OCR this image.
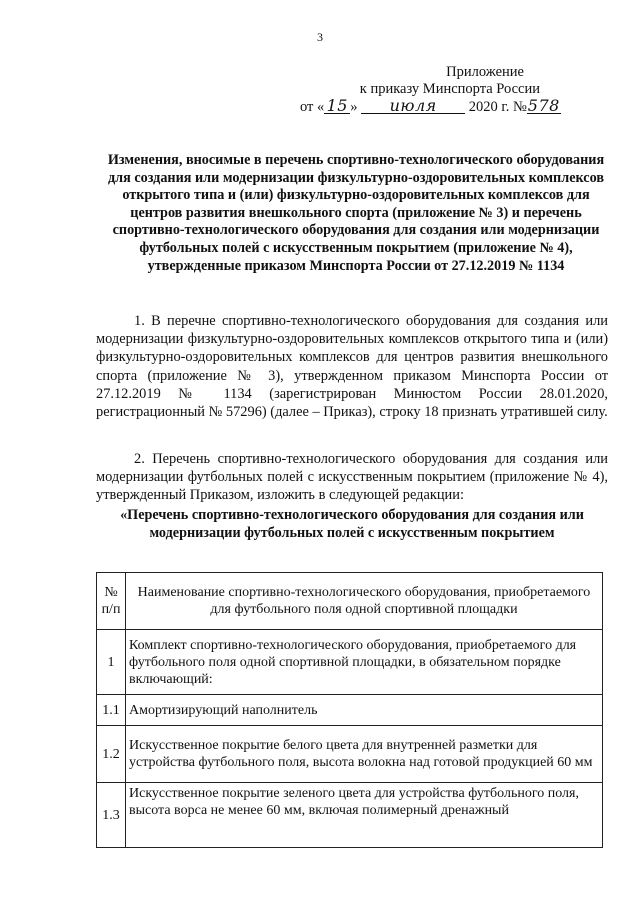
3
Приложение
к приказу Минспорта России
от « 15 » июля 2020 г. №578
Изменения, вносимые в перечень спортивно-технологического оборудования для создания или модернизации физкультурно-оздоровительных комплексов открытого типа и (или) физкультурно-оздоровительных комплексов для центров развития внешкольного спорта (приложение № 3) и перечень спортивно-технологического оборудования для создания или модернизации футбольных полей с искусственным покрытием (приложение № 4), утвержденные приказом Минспорта России от 27.12.2019 № 1134
1. В перечне спортивно-технологического оборудования для создания или модернизации физкультурно-оздоровительных комплексов открытого типа и (или) физкультурно-оздоровительных комплексов для центров развития внешкольного спорта (приложение № 3), утвержденном приказом Минспорта России от 27.12.2019 № 1134 (зарегистрирован Минюстом России 28.01.2020, регистрационный № 57296) (далее – Приказ), строку 18 признать утратившей силу.
2. Перечень спортивно-технологического оборудования для создания или модернизации футбольных полей с искусственным покрытием (приложение № 4), утвержденный Приказом, изложить в следующей редакции:
«Перечень спортивно-технологического оборудования для создания или модернизации футбольных полей с искусственным покрытием
№ п/п	Наименование спортивно-технологического оборудования, приобретаемого для футбольного поля одной спортивной площадки
1	Комплект спортивно-технологического оборудования, приобретаемого для футбольного поля одной спортивной площадки, в обязательном порядке включающий:
1.1	Амортизирующий наполнитель
1.2	Искусственное покрытие белого цвета для внутренней разметки для устройства футбольного поля, высота волокна над готовой продукцией 60 мм
1.3	Искусственное покрытие зеленого цвета для устройства футбольного поля, высота ворса не менее 60 мм, включая полимерный дренажный
